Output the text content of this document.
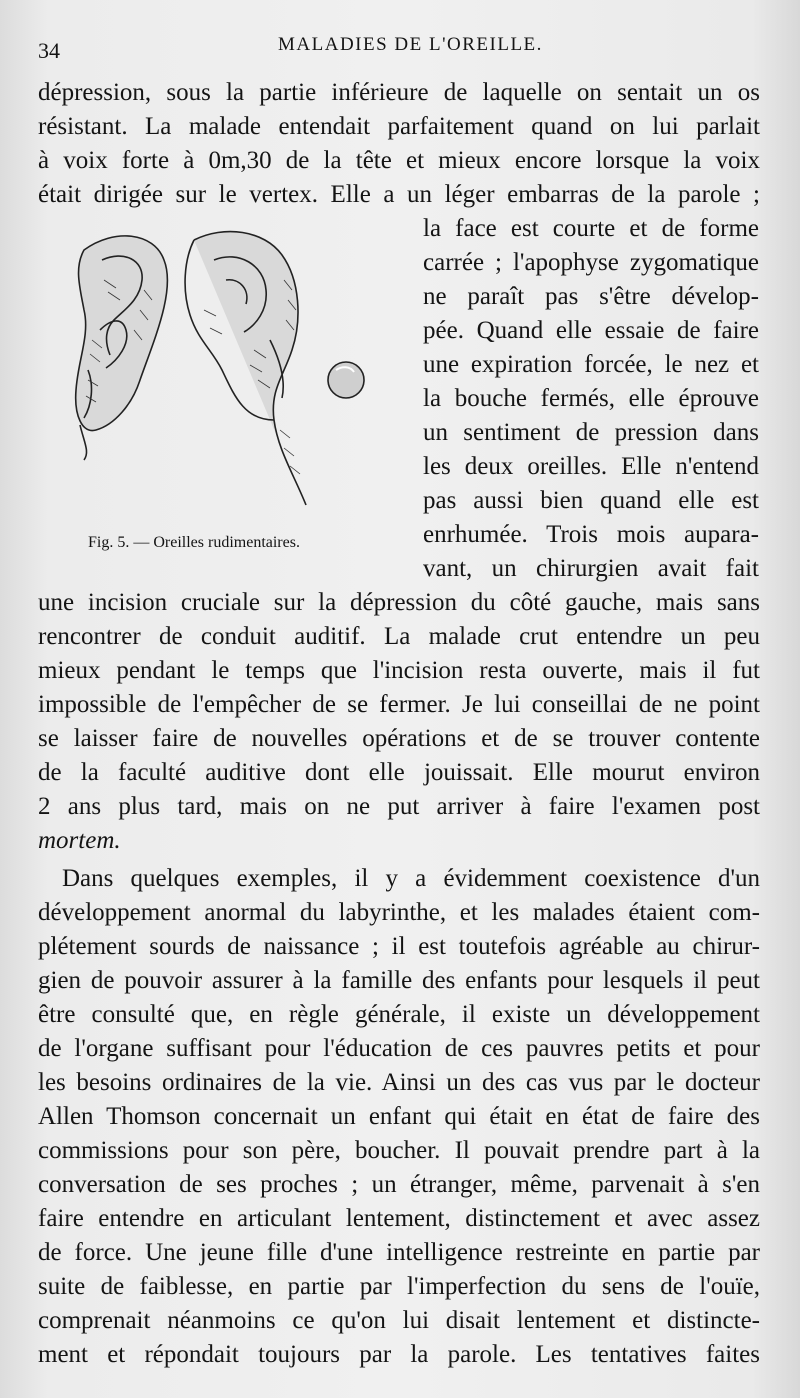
34	MALADIES DE L'OREILLE.
dépression, sous la partie inférieure de laquelle on sentait un os
résistant. La malade entendait parfaitement quand on lui parlait
à voix forte à 0m,30 de la tête et mieux encore lorsque la voix
était dirigée sur le vertex. Elle a un léger embarras de la parole ;
la face est courte et de forme
carrée ; l'apophyse zygomatique
ne paraît pas s'être dévelop-
pée. Quand elle essaie de faire
une expiration forcée, le nez et
la bouche fermés, elle éprouve
un sentiment de pression dans
les deux oreilles. Elle n'entend
pas aussi bien quand elle est
enrhumée. Trois mois aupara-
vant, un chirurgien avait fait
Fig. 5. — Oreilles rudimentaires.
une incision cruciale sur la dépression du côté gauche, mais sans
rencontrer de conduit auditif. La malade crut entendre un peu
mieux pendant le temps que l'incision resta ouverte, mais il fut
impossible de l'empêcher de se fermer. Je lui conseillai de ne point
se laisser faire de nouvelles opérations et de se trouver contente
de la faculté auditive dont elle jouissait. Elle mourut environ
2 ans plus tard, mais on ne put arriver à faire l'examen post
mortem.
Dans quelques exemples, il y a évidemment coexistence d'un
développement anormal du labyrinthe, et les malades étaient com-
plétement sourds de naissance ; il est toutefois agréable au chirur-
gien de pouvoir assurer à la famille des enfants pour lesquels il peut
être consulté que, en règle générale, il existe un développement
de l'organe suffisant pour l'éducation de ces pauvres petits et pour
les besoins ordinaires de la vie. Ainsi un des cas vus par le docteur
Allen Thomson concernait un enfant qui était en état de faire des
commissions pour son père, boucher. Il pouvait prendre part à la
conversation de ses proches ; un étranger, même, parvenait à s'en
faire entendre en articulant lentement, distinctement et avec assez
de force. Une jeune fille d'une intelligence restreinte en partie par
suite de faiblesse, en partie par l'imperfection du sens de l'ouïe,
comprenait néanmoins ce qu'on lui disait lentement et distincte-
ment et répondait toujours par la parole. Les tentatives faites
